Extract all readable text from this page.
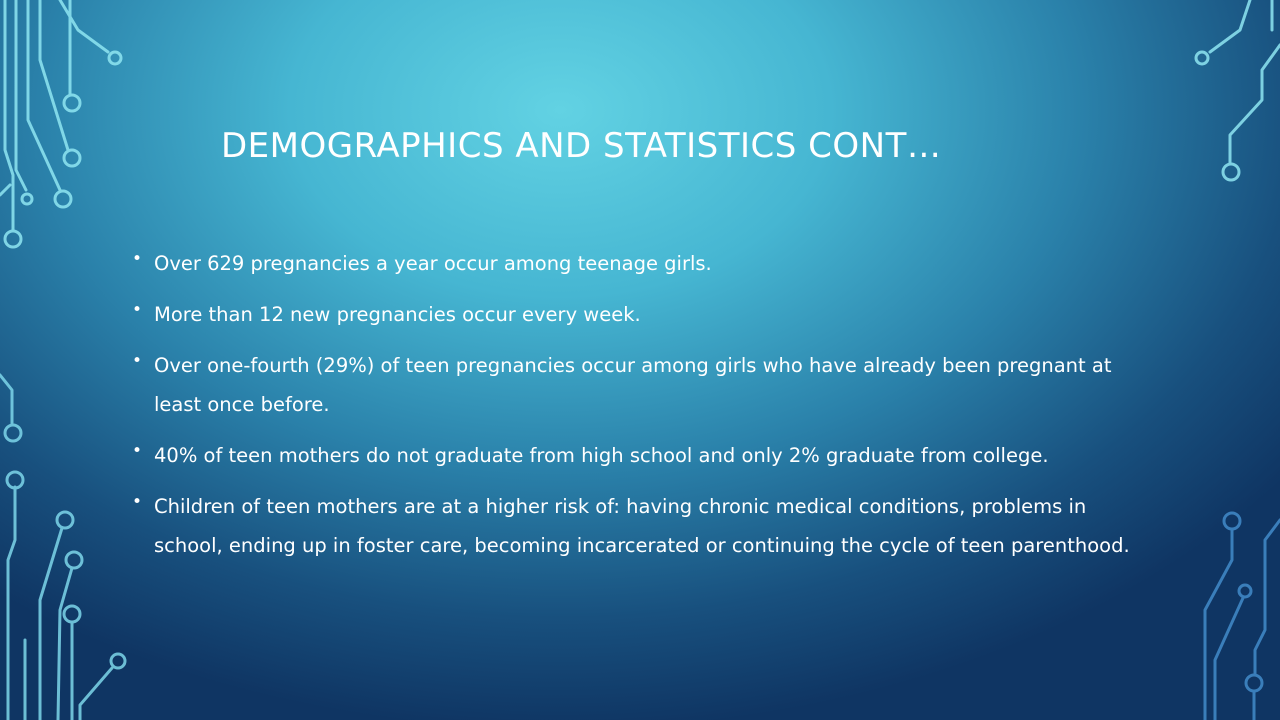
DEMOGRAPHICS AND STATISTICS CONT…
• Over 629 pregnancies a year occur among teenage girls.
• More than 12 new pregnancies occur every week.
• Over one-fourth (29%) of teen pregnancies occur among girls who have already been pregnant at least once before.
• 40% of teen mothers do not graduate from high school and only 2% graduate from college.
• Children of teen mothers are at a higher risk of: having chronic medical conditions, problems in school, ending up in foster care, becoming incarcerated or continuing the cycle of teen parenthood.
